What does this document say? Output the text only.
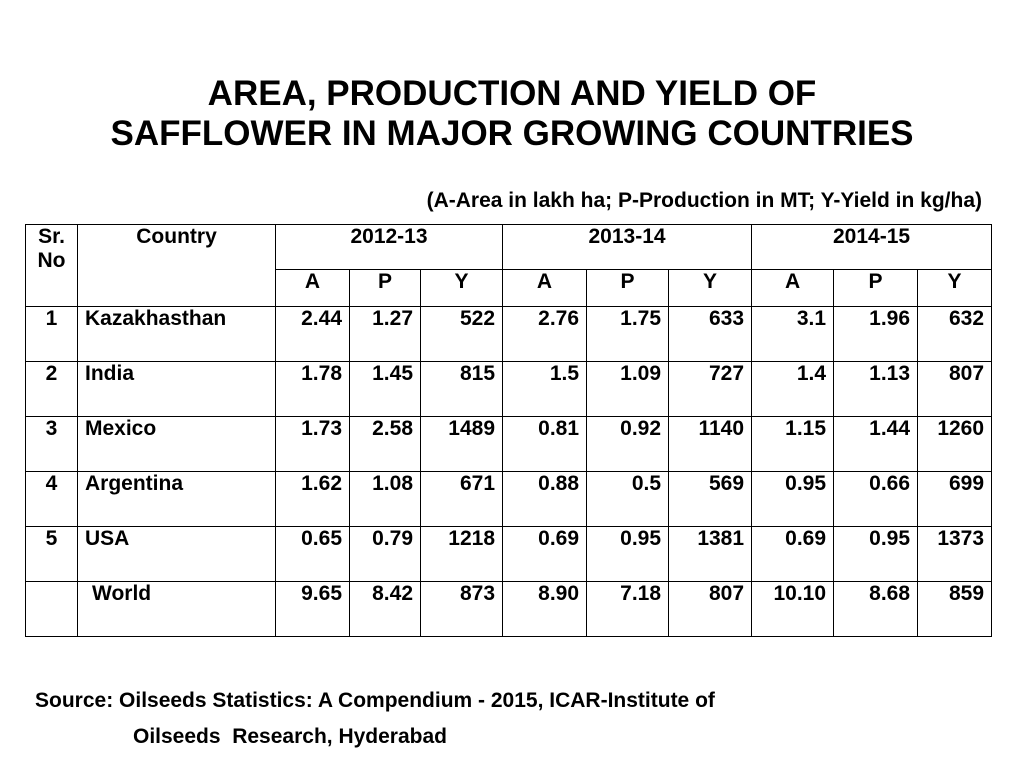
AREA, PRODUCTION AND YIELD OF
SAFFLOWER IN MAJOR GROWING COUNTRIES
(A-Area in lakh ha; P-Production in MT; Y-Yield in kg/ha)
Sr. No	Country	2012-13			2013-14			2014-15		
		A	P	Y	A	P	Y	A	P	Y
1	Kazakhasthan	2.44	1.27	522	2.76	1.75	633	3.1	1.96	632
2	India	1.78	1.45	815	1.5	1.09	727	1.4	1.13	807
3	Mexico	1.73	2.58	1489	0.81	0.92	1140	1.15	1.44	1260
4	Argentina	1.62	1.08	671	0.88	0.5	569	0.95	0.66	699
5	USA	0.65	0.79	1218	0.69	0.95	1381	0.69	0.95	1373
	World	9.65	8.42	873	8.90	7.18	807	10.10	8.68	859
Source: Oilseeds Statistics: A Compendium - 2015, ICAR-Institute of
Oilseeds  Research, Hyderabad
